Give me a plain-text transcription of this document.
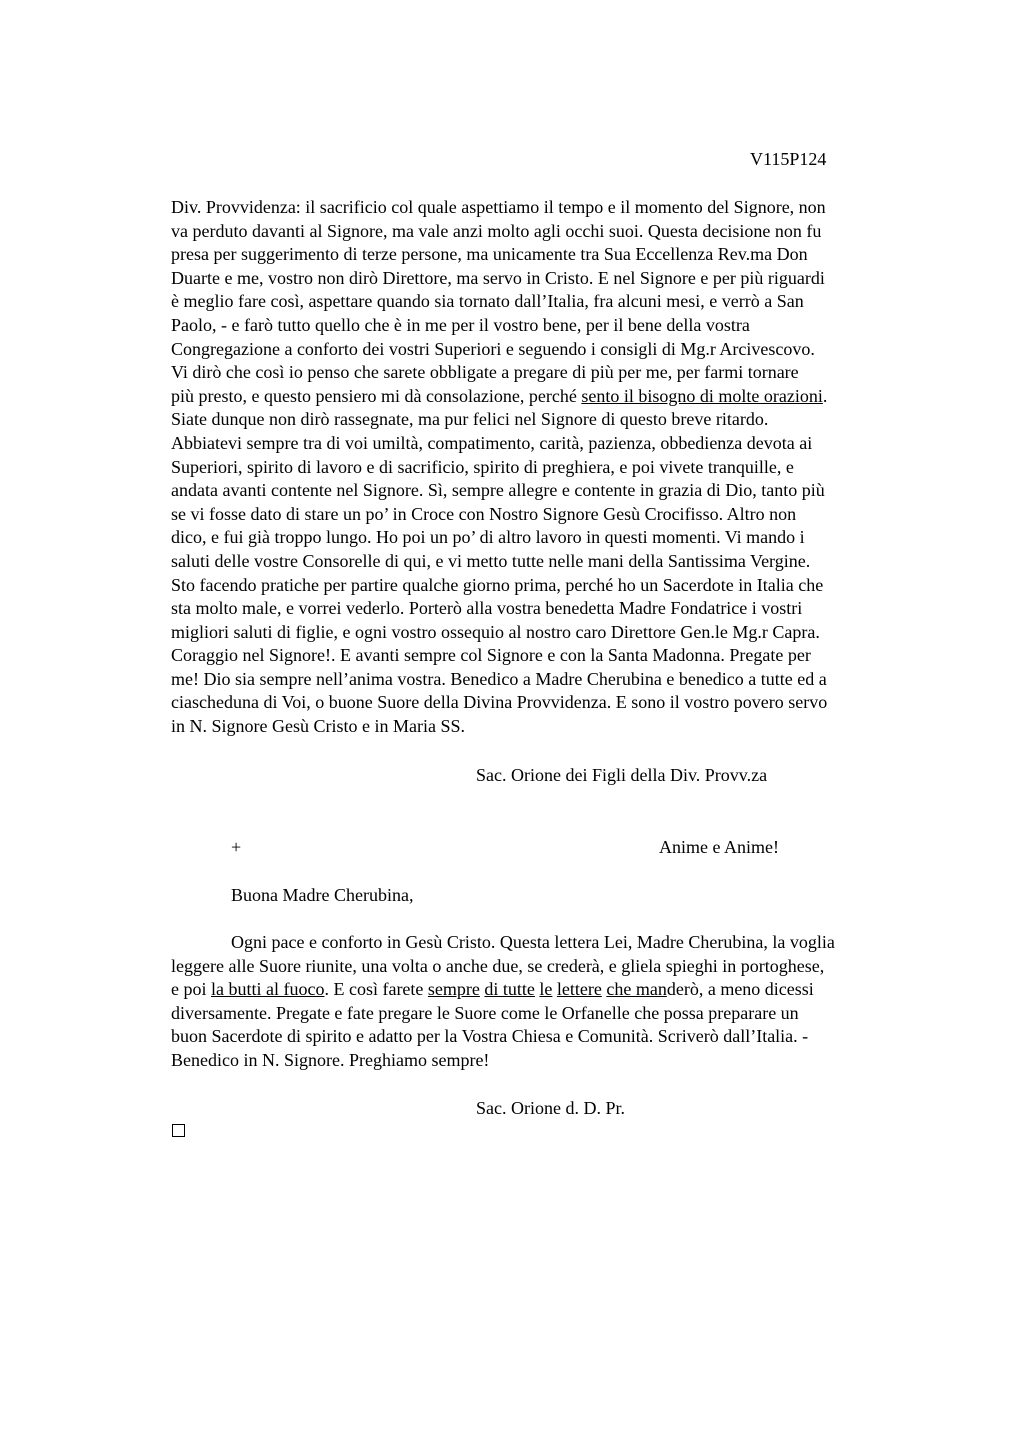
V115P124
Div. Provvidenza: il sacrificio col quale aspettiamo il tempo e il momento del Signore, non
va perduto davanti al Signore, ma vale anzi molto agli occhi suoi. Questa decisione non fu
presa per suggerimento di terze persone, ma unicamente tra Sua Eccellenza Rev.ma Don
Duarte e me, vostro non dirò Direttore, ma servo in Cristo. E nel Signore e per più riguardi
è meglio fare così, aspettare quando sia tornato dall’Italia, fra alcuni mesi, e verrò a San
Paolo, - e farò tutto quello che è in me per il vostro bene, per il bene della vostra
Congregazione a conforto dei vostri Superiori e seguendo i consigli di Mg.r Arcivescovo.
Vi dirò che così io penso che sarete obbligate a pregare di più per me, per farmi tornare
più presto, e questo pensiero mi dà consolazione, perché sento il bisogno di molte orazioni.
Siate dunque non dirò rassegnate, ma pur felici nel Signore di questo breve ritardo.
Abbiatevi sempre tra di voi umiltà, compatimento, carità, pazienza, obbedienza devota ai
Superiori, spirito di lavoro e di sacrificio, spirito di preghiera, e poi vivete tranquille, e
andata avanti contente nel Signore. Sì, sempre allegre e contente in grazia di Dio, tanto più
se vi fosse dato di stare un po’ in Croce con Nostro Signore Gesù Crocifisso. Altro non
dico, e fui già troppo lungo. Ho poi un po’ di altro lavoro in questi momenti. Vi mando i
saluti delle vostre Consorelle di qui, e vi metto tutte nelle mani della Santissima Vergine.
Sto facendo pratiche per partire qualche giorno prima, perché ho un Sacerdote in Italia che
sta molto male, e vorrei vederlo. Porterò alla vostra benedetta Madre Fondatrice i vostri
migliori saluti di figlie, e ogni vostro ossequio al nostro caro Direttore Gen.le Mg.r Capra.
Coraggio nel Signore!. E avanti sempre col Signore e con la Santa Madonna. Pregate per
me! Dio sia sempre nell’anima vostra. Benedico a Madre Cherubina e benedico a tutte ed a
ciascheduna di Voi, o buone Suore della Divina Provvidenza. E sono il vostro povero servo
in N. Signore Gesù Cristo e in Maria SS.
Sac. Orione dei Figli della Div. Provv.za
+	Anime e Anime!
Buona Madre Cherubina,
Ogni pace e conforto in Gesù Cristo. Questa lettera Lei, Madre Cherubina, la voglia
leggere alle Suore riunite, una volta o anche due, se crederà, e gliela spieghi in portoghese,
e poi la butti al fuoco. E così farete sempre di tutte le lettere che manderò, a meno dicessi
diversamente. Pregate e fate pregare le Suore come le Orfanelle che possa preparare un
buon Sacerdote di spirito e adatto per la Vostra Chiesa e Comunità. Scriverò dall’Italia. -
Benedico in N. Signore. Preghiamo sempre!
Sac. Orione d. D. Pr.
